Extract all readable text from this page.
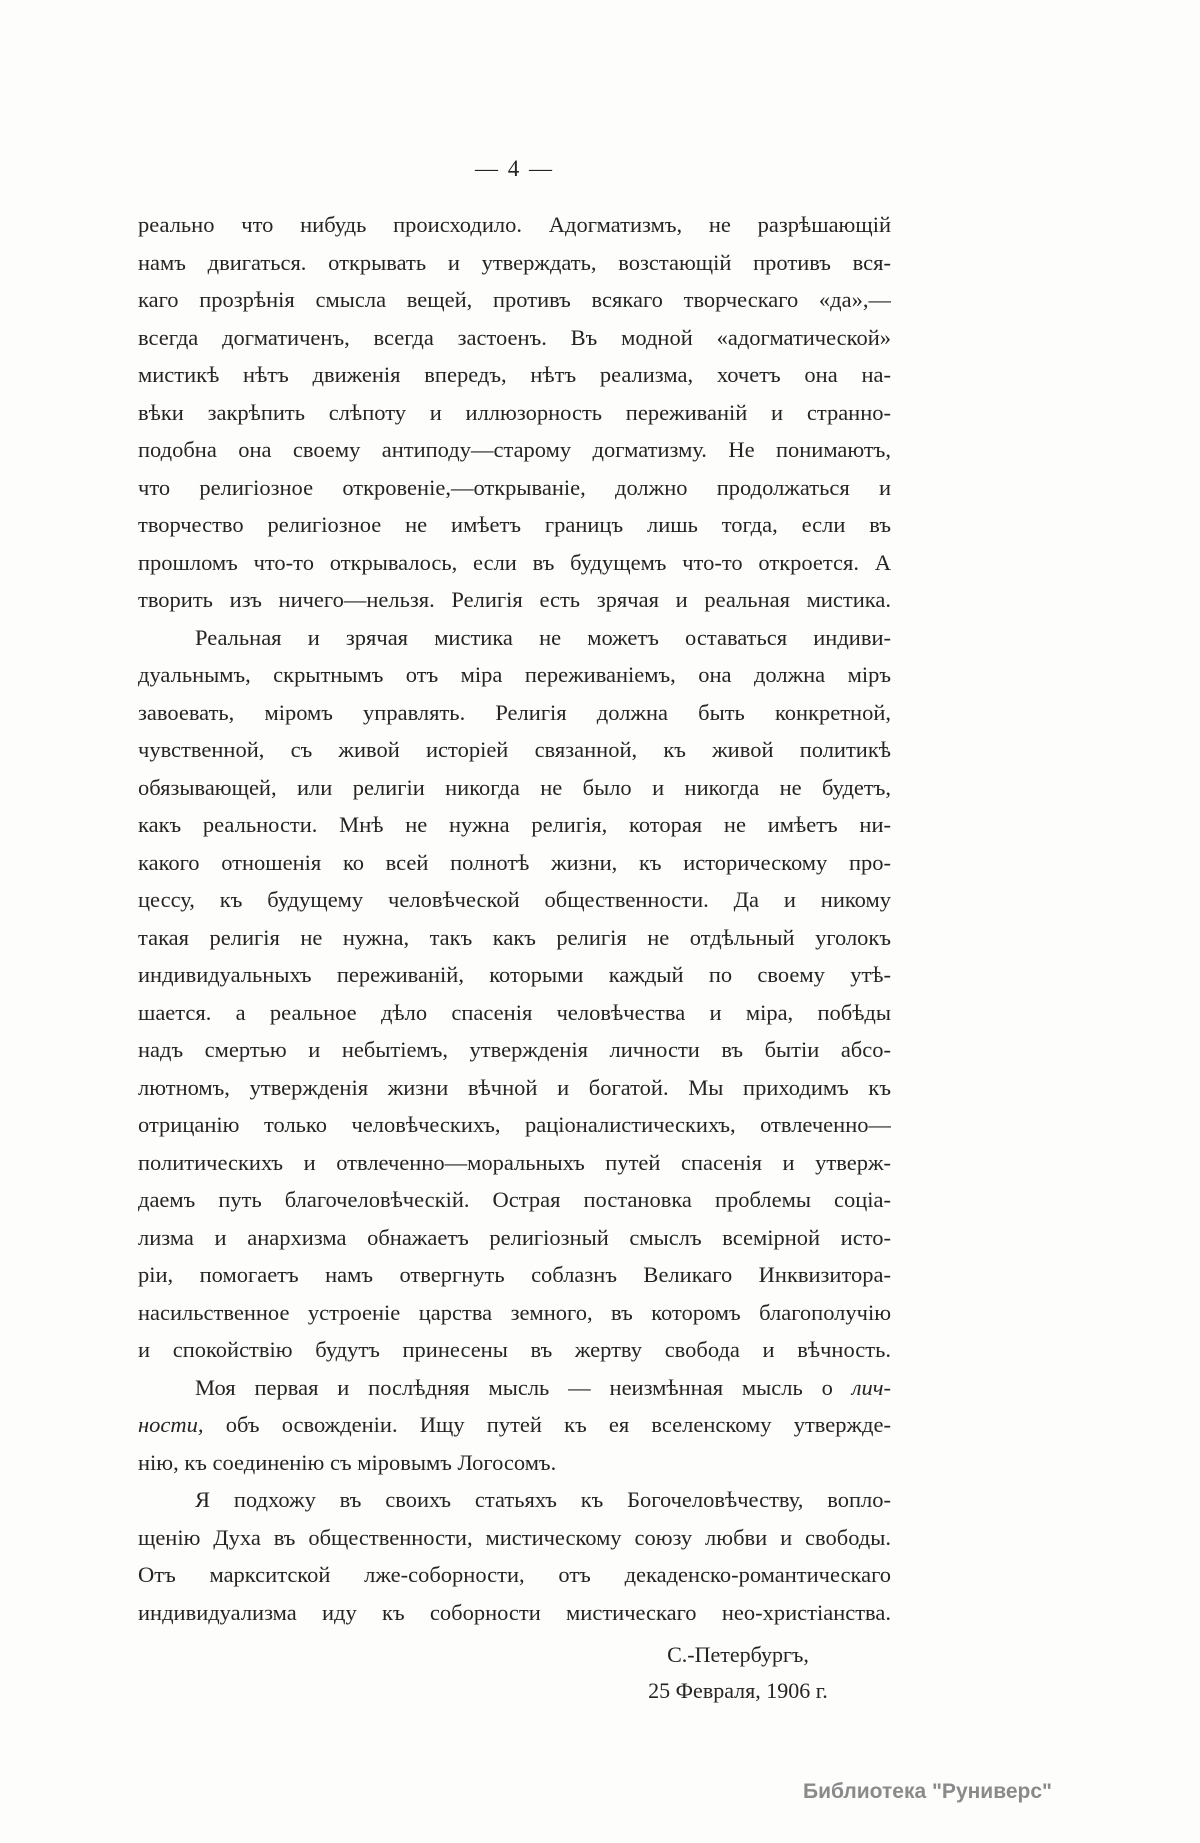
— 4 —
реально что нибудь происходило. Адогматизмъ, не разрѣшающій
намъ двигаться. открывать и утверждать, возстающій противъ вся-
каго прозрѣнія смысла вещей, противъ всякаго творческаго «да»,—
всегда догматиченъ, всегда застоенъ. Въ модной «адогматической»
мистикѣ нѣтъ движенія впередъ, нѣтъ реализма, хочетъ она на-
вѣки закрѣпить слѣпоту и иллюзорность переживаній и странно-
подобна она своему антиподу—старому догматизму. Не понимаютъ,
что религіозное откровеніе,—открываніе, должно продолжаться и
творчество религіозное не имѣетъ границъ лишь тогда, если въ
прошломъ что-то открывалось, если въ будущемъ что-то откроется. А
творить изъ ничего—нельзя. Религія есть зрячая и реальная мистика.
Реальная и зрячая мистика не можетъ оставаться индиви-
дуальнымъ, скрытнымъ отъ міра переживаніемъ, она должна міръ
завоевать, міромъ управлять. Религія должна быть конкретной,
чувственной, съ живой исторіей связанной, къ живой политикѣ
обязывающей, или религіи никогда не было и никогда не будетъ,
какъ реальности. Мнѣ не нужна религія, которая не имѣетъ ни-
какого отношенія ко всей полнотѣ жизни, къ историческому про-
цессу, къ будущему человѣческой общественности. Да и никому
такая религія не нужна, такъ какъ религія не отдѣльный уголокъ
индивидуальныхъ переживаній, которыми каждый по своему утѣ-
шается. а реальное дѣло спасенія человѣчества и міра, побѣды
надъ смертью и небытіемъ, утвержденія личности въ бытіи абсо-
лютномъ, утвержденія жизни вѣчной и богатой. Мы приходимъ къ
отрицанію только человѣческихъ, раціоналистическихъ, отвлеченно—
политическихъ и отвлеченно—моральныхъ путей спасенія и утверж-
даемъ путь благочеловѣческій. Острая постановка проблемы соціа-
лизма и анархизма обнажаетъ религіозный смыслъ всемірной исто-
ріи, помогаетъ намъ отвергнуть соблазнъ Великаго Инквизитора-
насильственное устроеніе царства земного, въ которомъ благополучію
и спокойствію будутъ принесены въ жертву свобода и вѣчность.
Моя первая и послѣдняя мысль — неизмѣнная мысль о лич-
ности, объ освожденіи. Ищу путей къ ея вселенскому утвержде-
нію, къ соединенію съ міровымъ Логосомъ.
Я подхожу въ своихъ статьяхъ къ Богочеловѣчеству, вопло-
щенію Духа въ общественности, мистическому союзу любви и свободы.
Отъ маркситской лже-соборности, отъ декаденско-романтическаго
индивидуализма иду къ соборности мистическаго нео-христіанства.
С.-Петербургъ,
25 Февраля, 1906 г.
Библиотека "Руниверс"
